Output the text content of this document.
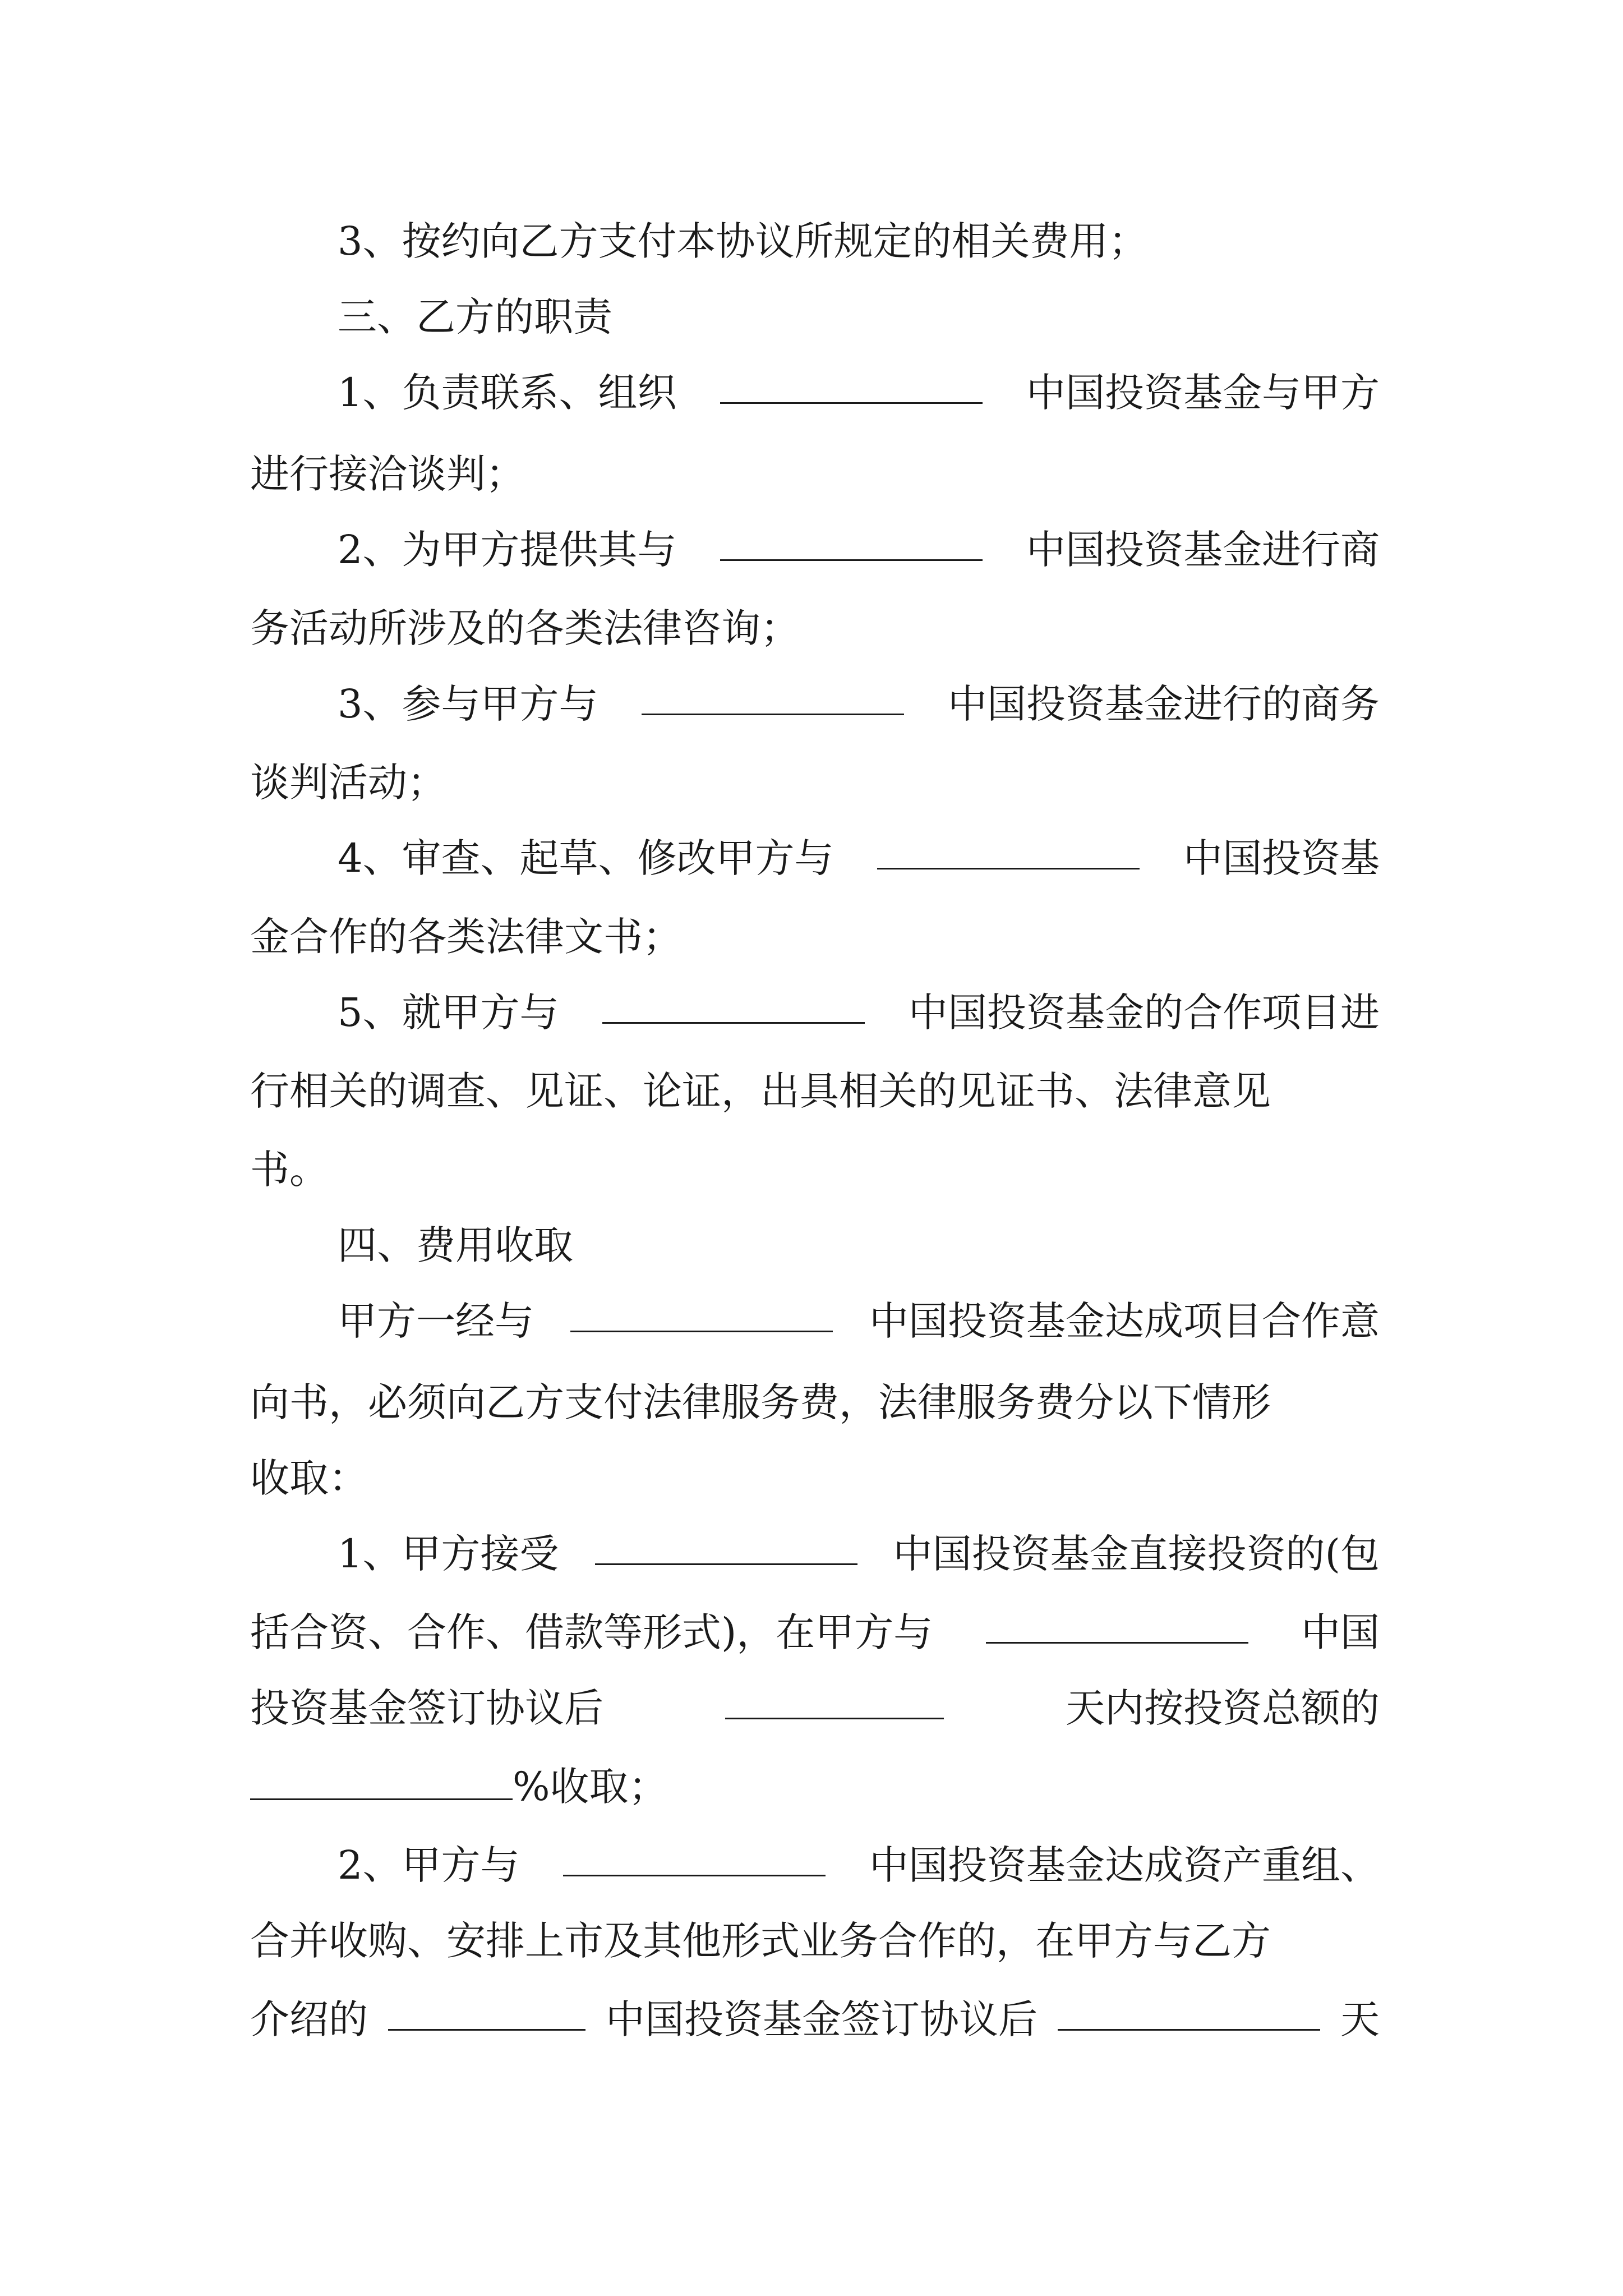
3、按约向乙方支付本协议所规定的相关费用；
三、乙方的职责
1、负责联系、组织	中国投资基金与甲方
进行接洽谈判；
2、为甲方提供其与	中国投资基金进行商
务活动所涉及的各类法律咨询；
3、参与甲方与	中国投资基金进行的商务
谈判活动；
4、审查、起草、修改甲方与	中国投资基
金合作的各类法律文书；
5、就甲方与	中国投资基金的合作项目进
行相关的调查、见证、论证，出具相关的见证书、法律意见
书。
四、费用收取
甲方一经与	中国投资基金达成项目合作意
向书，必须向乙方支付法律服务费，法律服务费分以下情形
收取：
1、甲方接受	中国投资基金直接投资的(包
括合资、合作、借款等形式)，在甲方与	中国
投资基金签订协议后	天内按投资总额的
%收取；
2、甲方与	中国投资基金达成资产重组、
合并收购、安排上市及其他形式业务合作的，在甲方与乙方
介绍的	中国投资基金签订协议后	天
